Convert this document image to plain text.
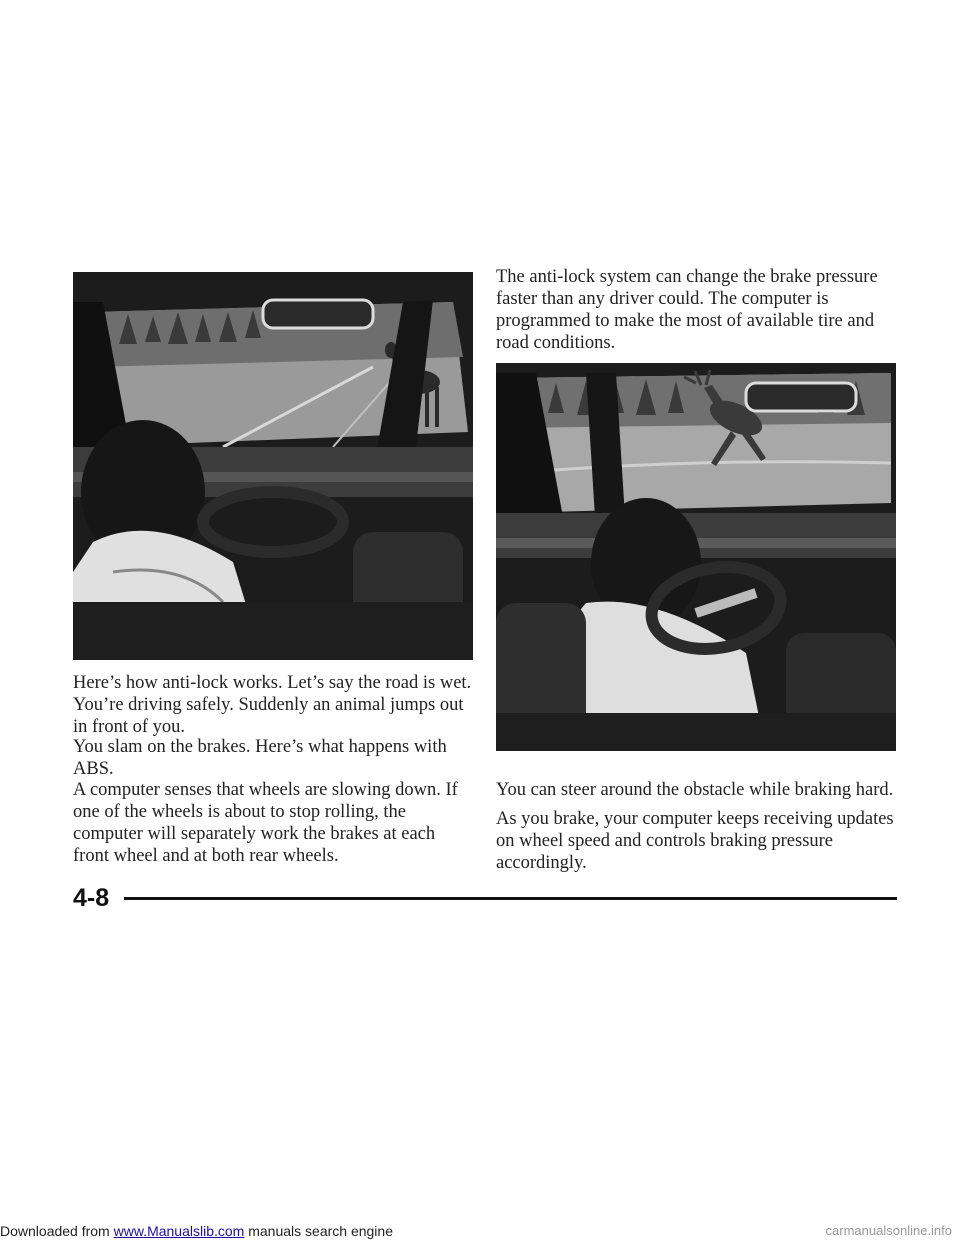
Here’s how anti-lock works. Let’s say the road is wet. You’re driving safely. Suddenly an animal jumps out in front of you.

You slam on the brakes. Here’s what happens with ABS.

A computer senses that wheels are slowing down. If one of the wheels is about to stop rolling, the computer will separately work the brakes at each front wheel and at both rear wheels.

The anti-lock system can change the brake pressure faster than any driver could. The computer is programmed to make the most of available tire and road conditions.

You can steer around the obstacle while braking hard.

As you brake, your computer keeps receiving updates on wheel speed and controls braking pressure accordingly.

4-8
Downloaded from www.Manualslib.com manuals search engine	carmanualsonline.info
